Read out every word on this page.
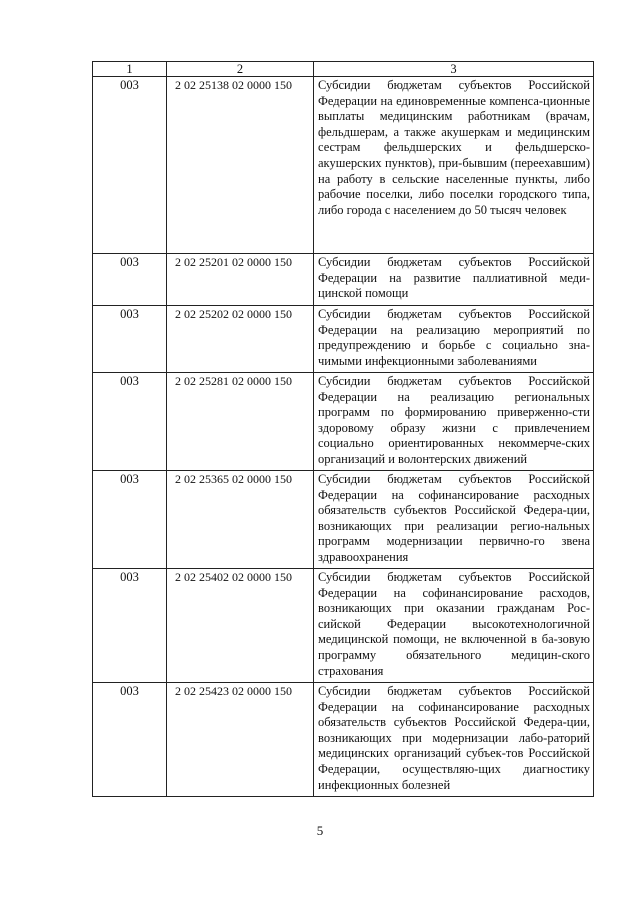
1	2	3
003	2 02 25138 02 0000 150	Субсидии бюджетам субъектов Российской Федерации на единовременные компенса-ционные выплаты медицинским работникам (врачам, фельдшерам, а также акушеркам и медицинским сестрам фельдшерских и фельдшерско-акушерских пунктов), при-бывшим (переехавшим) на работу в сельские населенные пункты, либо рабочие поселки, либо поселки городского типа, либо города с населением до 50 тысяч человек
003	2 02 25201 02 0000 150	Субсидии бюджетам субъектов Российской Федерации на развитие паллиативной меди-цинской помощи
003	2 02 25202 02 0000 150	Субсидии бюджетам субъектов Российской Федерации на реализацию мероприятий по предупреждению и борьбе с социально зна-чимыми инфекционными заболеваниями
003	2 02 25281 02 0000 150	Субсидии бюджетам субъектов Российской Федерации на реализацию региональных программ по формированию приверженно-сти здоровому образу жизни с привлечением социально ориентированных некоммерче-ских организаций и волонтерских движений
003	2 02 25365 02 0000 150	Субсидии бюджетам субъектов Российской Федерации на софинансирование расходных обязательств субъектов Российской Федера-ции, возникающих при реализации регио-нальных программ модернизации первично-го звена здравоохранения
003	2 02 25402 02 0000 150	Субсидии бюджетам субъектов Российской Федерации на софинансирование расходов, возникающих при оказании гражданам Рос-сийской Федерации высокотехнологичной медицинской помощи, не включенной в ба-зовую программу обязательного медицин-ского страхования
003	2 02 25423 02 0000 150	Субсидии бюджетам субъектов Российской Федерации на софинансирование расходных обязательств субъектов Российской Федера-ции, возникающих при модернизации лабо-раторий медицинских организаций субъек-тов Российской Федерации, осуществляю-щих диагностику инфекционных болезней
5
